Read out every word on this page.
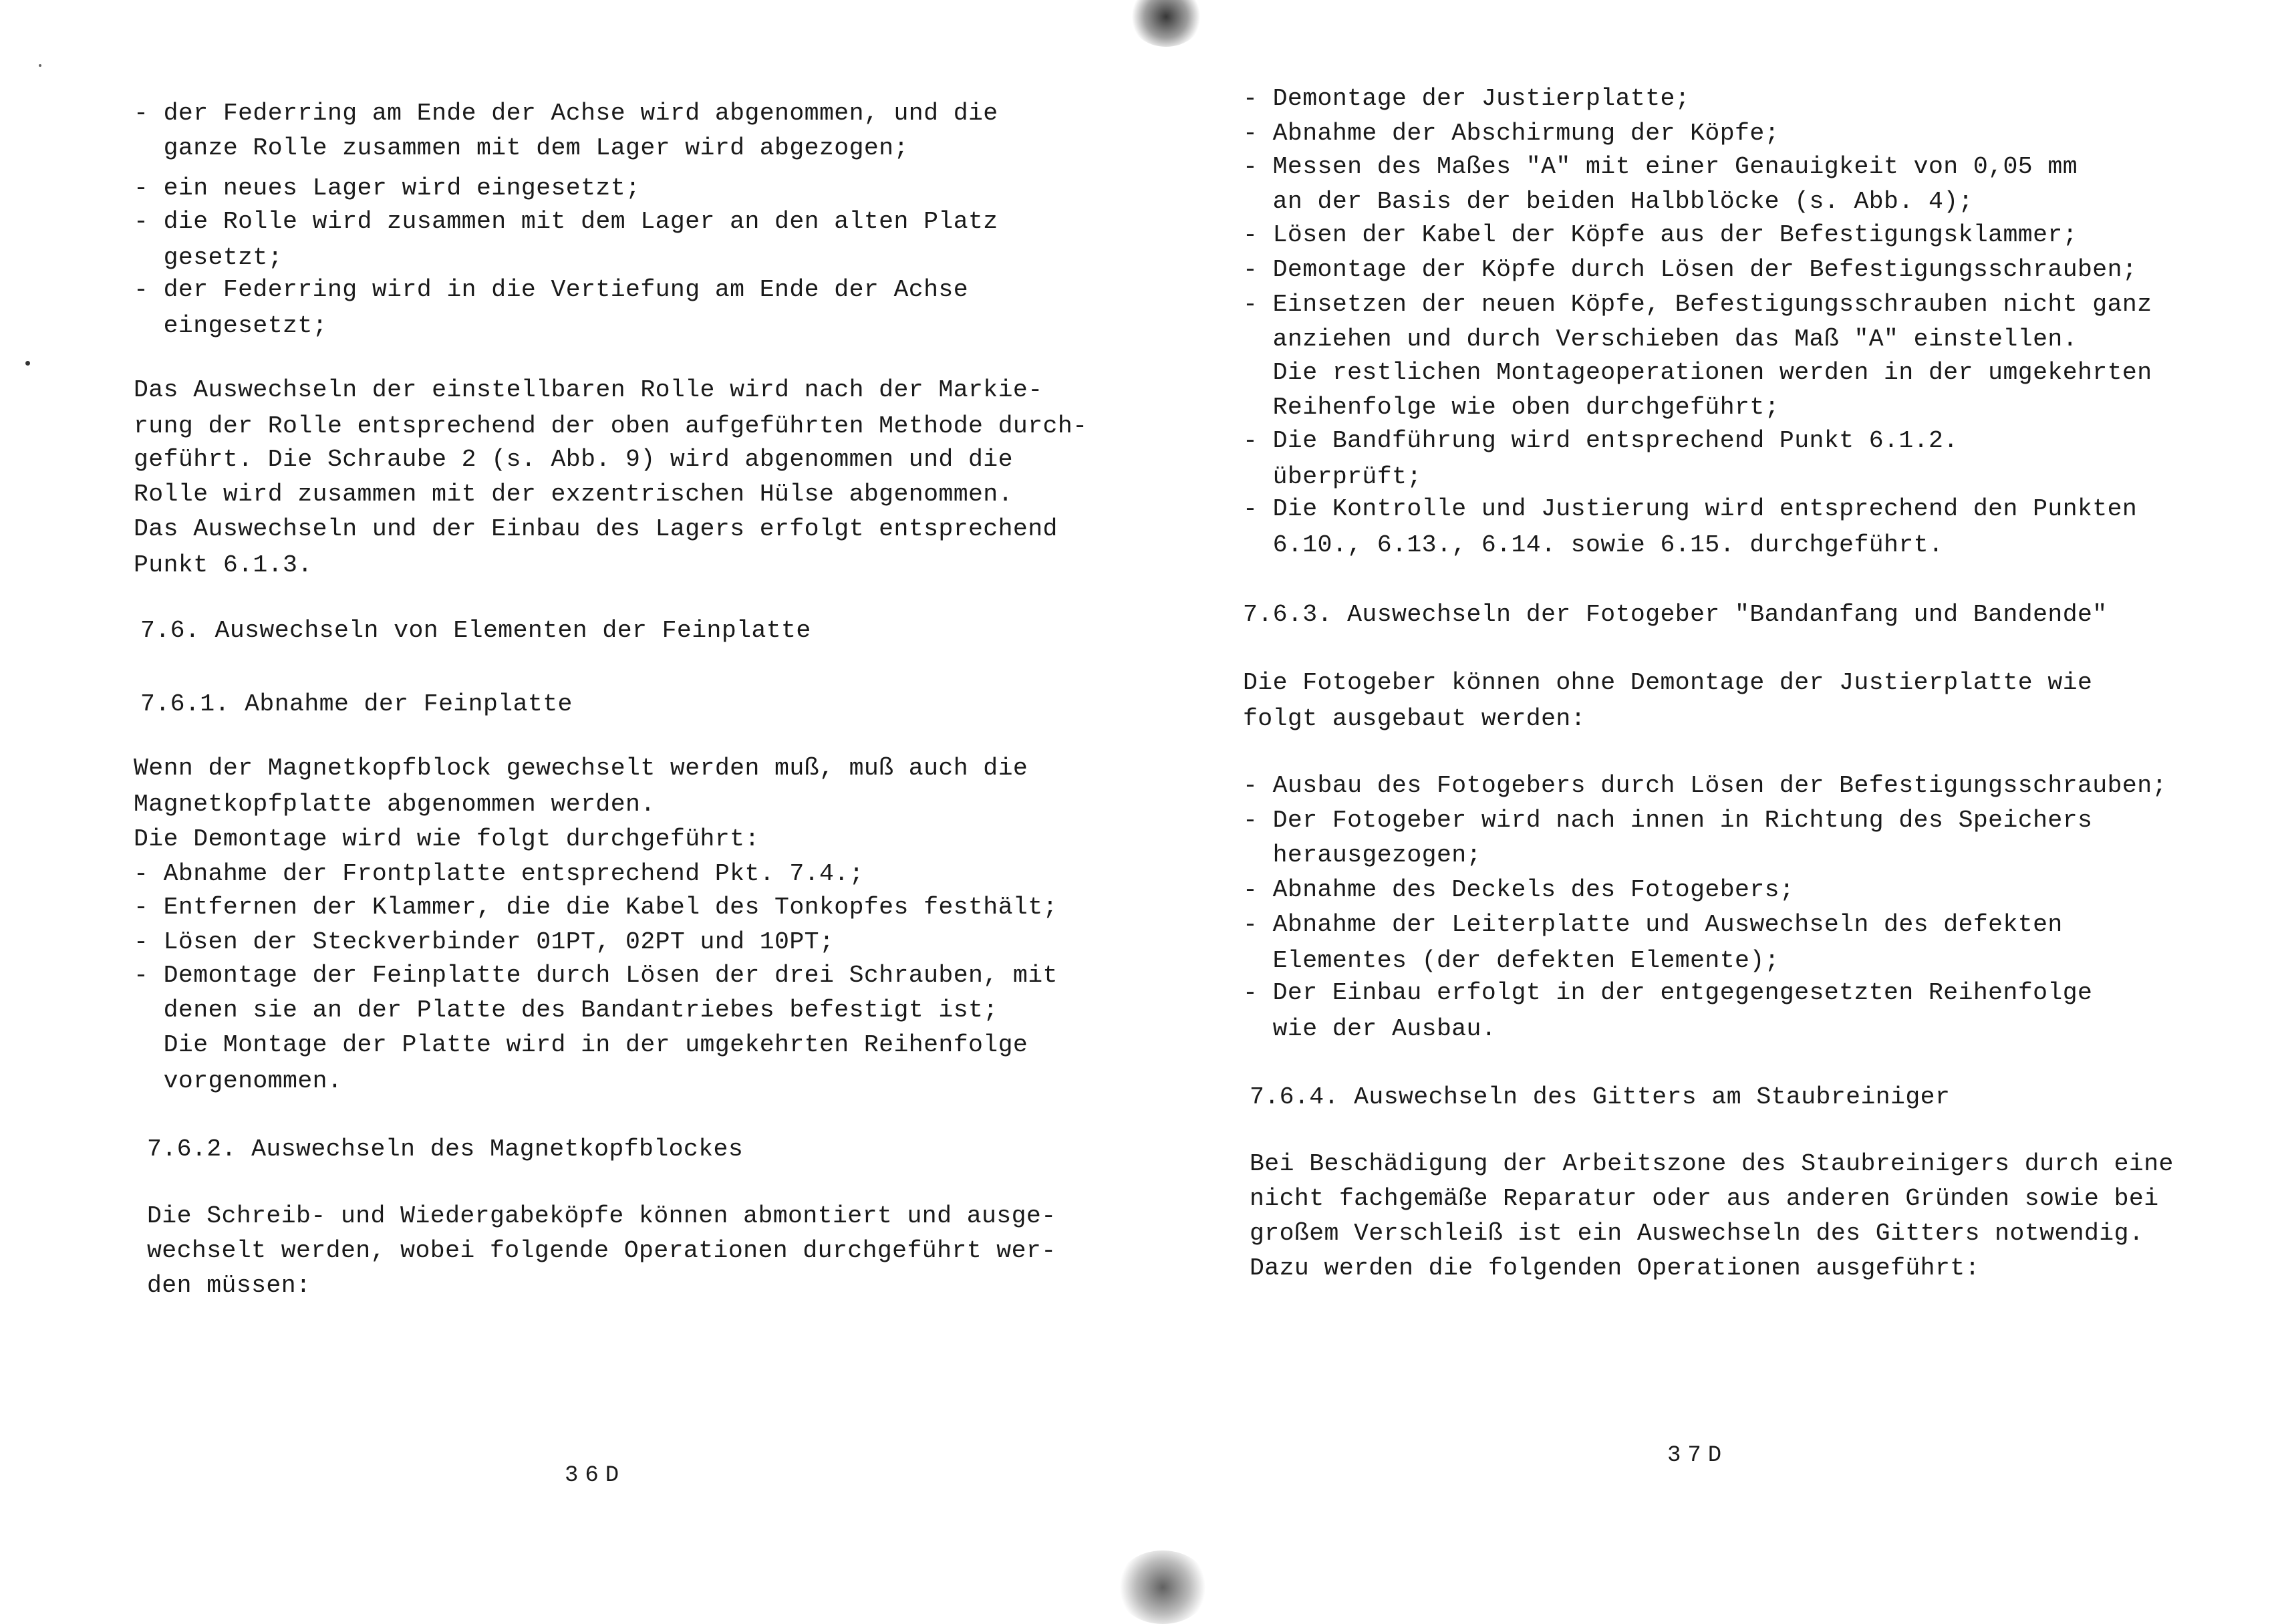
- der Federring am Ende der Achse wird abgenommen, und die

ganze Rolle zusammen mit dem Lager wird abgezogen;

- ein neues Lager wird eingesetzt;

- die Rolle wird zusammen mit dem Lager an den alten Platz

gesetzt;

- der Federring wird in die Vertiefung am Ende der Achse

eingesetzt;

Das Auswechseln der einstellbaren Rolle wird nach der Markie-

rung der Rolle entsprechend der oben aufgeführten Methode durch-

geführt. Die Schraube 2 (s. Abb. 9) wird abgenommen und die

Rolle wird zusammen mit der exzentrischen Hülse abgenommen.

Das Auswechseln und der Einbau des Lagers erfolgt entsprechend

Punkt 6.1.3.

7.6. Auswechseln von Elementen der Feinplatte

7.6.1. Abnahme der Feinplatte

Wenn der Magnetkopfblock gewechselt werden muß, muß auch die

Magnetkopfplatte abgenommen werden.

Die Demontage wird wie folgt durchgeführt:

- Abnahme der Frontplatte entsprechend Pkt. 7.4.;

- Entfernen der Klammer, die die Kabel des Tonkopfes festhält;

- Lösen der Steckverbinder 01PT, 02PT und 10PT;

- Demontage der Feinplatte durch Lösen der drei Schrauben, mit

denen sie an der Platte des Bandantriebes befestigt ist;

Die Montage der Platte wird in der umgekehrten Reihenfolge

vorgenommen.

7.6.2. Auswechseln des Magnetkopfblockes

Die Schreib- und Wiedergabeköpfe können abmontiert und ausge-

wechselt werden, wobei folgende Operationen durchgeführt wer-

den müssen:

36D

- Demontage der Justierplatte;

- Abnahme der Abschirmung der Köpfe;

- Messen des Maßes "A" mit einer Genauigkeit von 0,05 mm

an der Basis der beiden Halbblöcke (s. Abb. 4);

- Lösen der Kabel der Köpfe aus der Befestigungsklammer;

- Demontage der Köpfe durch Lösen der Befestigungsschrauben;

- Einsetzen der neuen Köpfe, Befestigungsschrauben nicht ganz

anziehen und durch Verschieben das Maß "A" einstellen.

Die restlichen Montageoperationen werden in der umgekehrten

Reihenfolge wie oben durchgeführt;

- Die Bandführung wird entsprechend Punkt 6.1.2.

überprüft;

- Die Kontrolle und Justierung wird entsprechend den Punkten

6.10., 6.13., 6.14. sowie 6.15. durchgeführt.

7.6.3. Auswechseln der Fotogeber "Bandanfang und Bandende"

Die Fotogeber können ohne Demontage der Justierplatte wie

folgt ausgebaut werden:

- Ausbau des Fotogebers durch Lösen der Befestigungsschrauben;

- Der Fotogeber wird nach innen in Richtung des Speichers

herausgezogen;

- Abnahme des Deckels des Fotogebers;

- Abnahme der Leiterplatte und Auswechseln des defekten

Elementes (der defekten Elemente);

- Der Einbau erfolgt in der entgegengesetzten Reihenfolge

wie der Ausbau.

7.6.4. Auswechseln des Gitters am Staubreiniger

Bei Beschädigung der Arbeitszone des Staubreinigers durch eine

nicht fachgemäße Reparatur oder aus anderen Gründen sowie bei

großem Verschleiß ist ein Auswechseln des Gitters notwendig.

Dazu werden die folgenden Operationen ausgeführt:

37D
